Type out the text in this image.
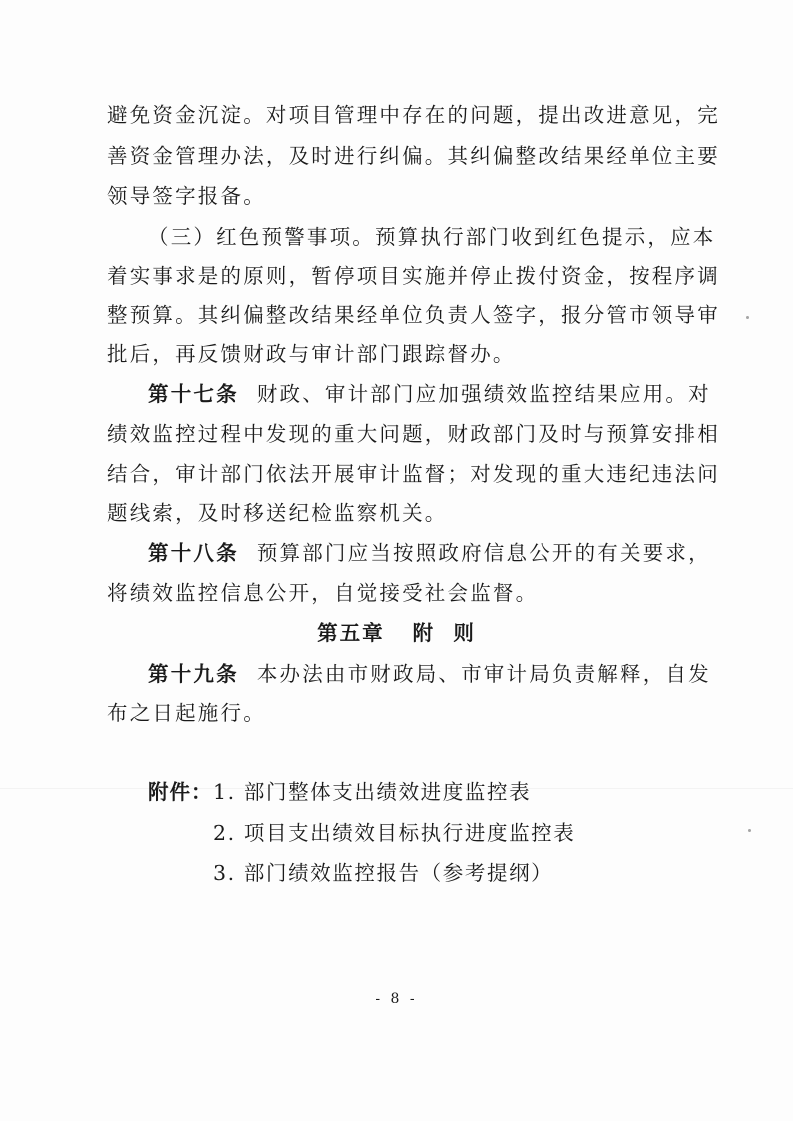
避免资金沉淀。对项目管理中存在的问题，提出改进意见，完
善资金管理办法，及时进行纠偏。其纠偏整改结果经单位主要
领导签字报备。
（三）红色预警事项。预算执行部门收到红色提示，应本
着实事求是的原则，暂停项目实施并停止拨付资金，按程序调
整预算。其纠偏整改结果经单位负责人签字，报分管市领导审
批后，再反馈财政与审计部门跟踪督办。
第十七条 财政、审计部门应加强绩效监控结果应用。对
绩效监控过程中发现的重大问题，财政部门及时与预算安排相
结合，审计部门依法开展审计监督；对发现的重大违纪违法问
题线索，及时移送纪检监察机关。
第十八条 预算部门应当按照政府信息公开的有关要求，
将绩效监控信息公开，自觉接受社会监督。
第五章 附  则
第十九条 本办法由市财政局、市审计局负责解释，自发
布之日起施行。
附件： 1. 部门整体支出绩效进度监控表
2. 项目支出绩效目标执行进度监控表
3. 部门绩效监控报告（参考提纲）
- 8 -
